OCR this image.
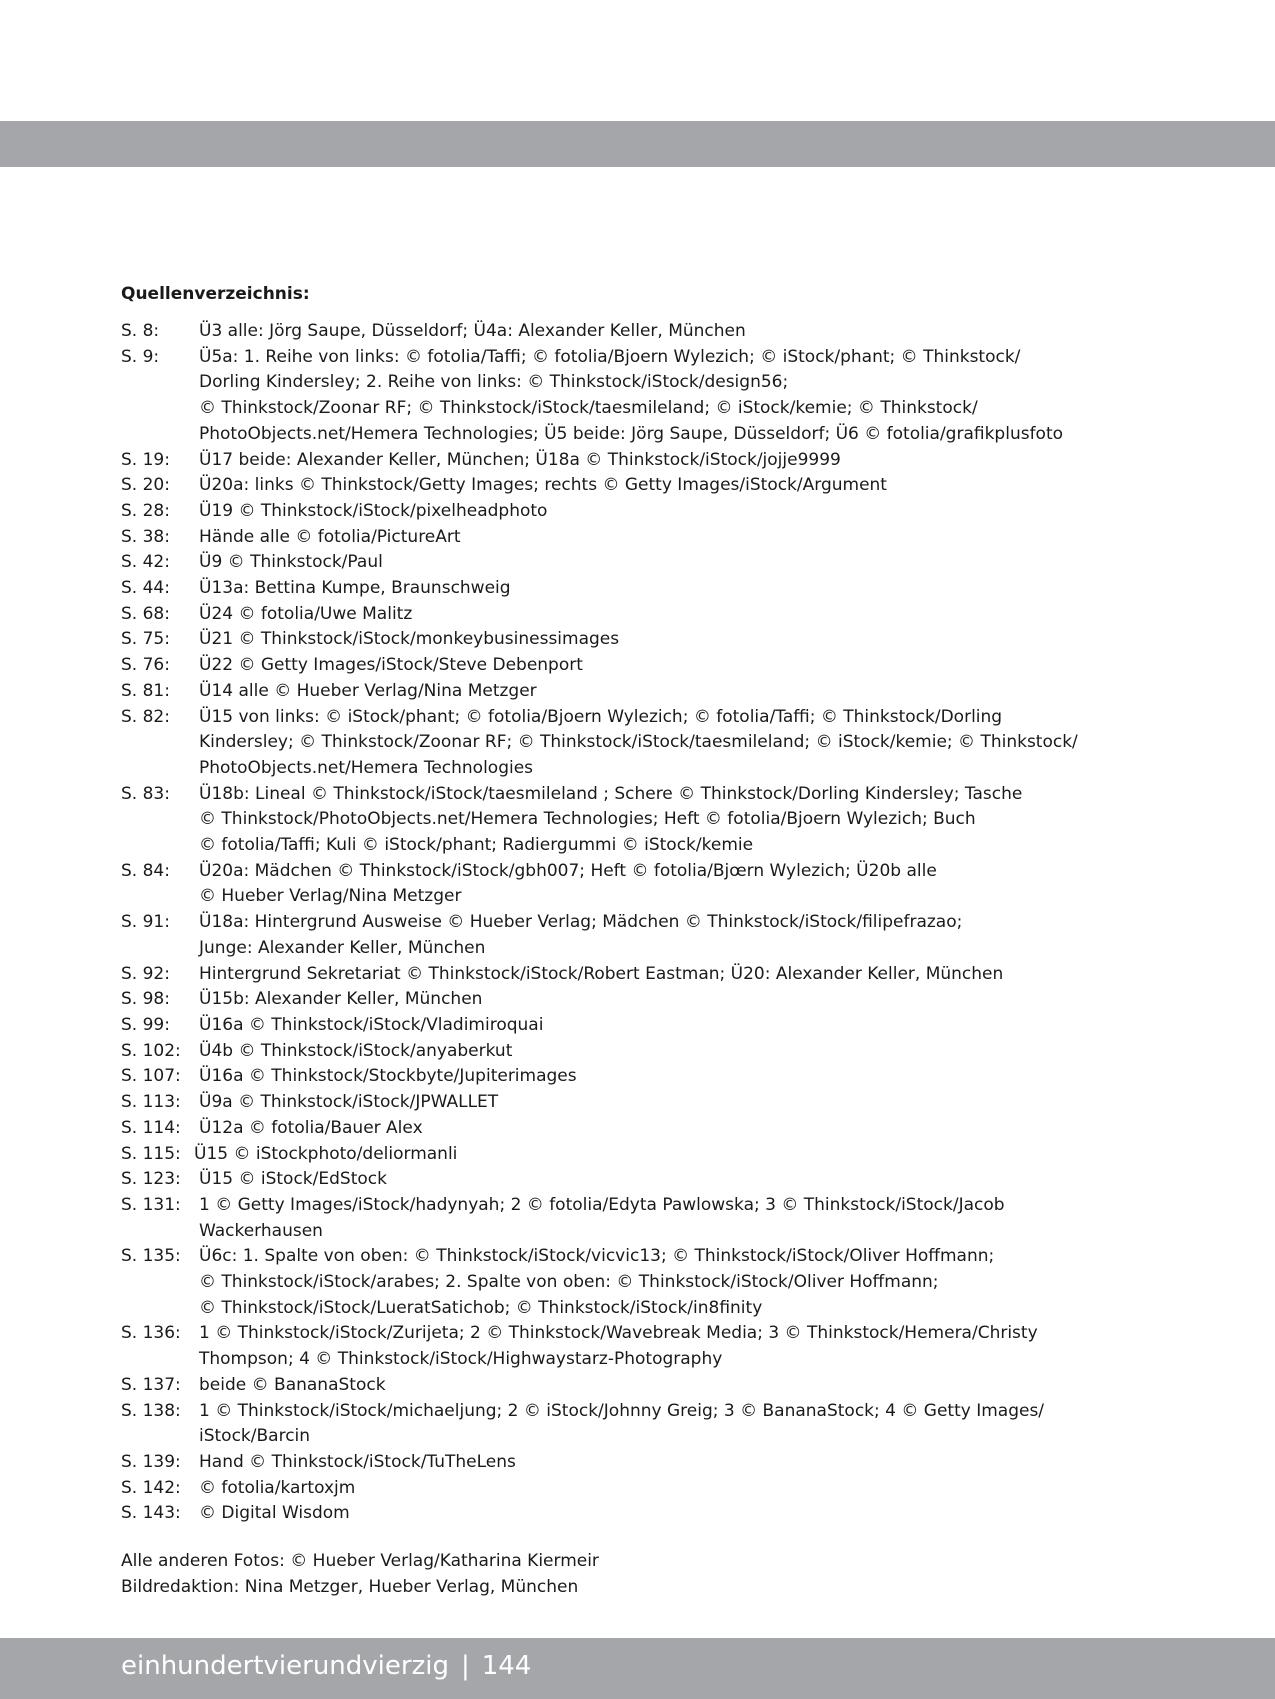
Quellenverzeichnis:
S. 8:	Ü3 alle: Jörg Saupe, Düsseldorf; Ü4a: Alexander Keller, München
S. 9:	Ü5a: 1. Reihe von links: © fotolia/Taffi; © fotolia/Bjoern Wylezich; © iStock/phant; © Thinkstock/
Dorling Kindersley; 2. Reihe von links: © Thinkstock/iStock/design56;
© Thinkstock/Zoonar RF; © Thinkstock/iStock/taesmileland; © iStock/kemie; © Thinkstock/
PhotoObjects.net/Hemera Technologies; Ü5 beide: Jörg Saupe, Düsseldorf; Ü6 © fotolia/grafikplusfoto
S. 19:	Ü17 beide: Alexander Keller, München; Ü18a © Thinkstock/iStock/jojje9999
S. 20:	Ü20a: links © Thinkstock/Getty Images; rechts © Getty Images/iStock/Argument
S. 28:	Ü19 © Thinkstock/iStock/pixelheadphoto
S. 38:	Hände alle © fotolia/PictureArt
S. 42:	Ü9 © Thinkstock/Paul
S. 44:	Ü13a: Bettina Kumpe, Braunschweig
S. 68:	Ü24 © fotolia/Uwe Malitz
S. 75:	Ü21 © Thinkstock/iStock/monkeybusinessimages
S. 76:	Ü22 © Getty Images/iStock/Steve Debenport
S. 81:	Ü14 alle © Hueber Verlag/Nina Metzger
S. 82:	Ü15 von links: © iStock/phant; © fotolia/Bjoern Wylezich; © fotolia/Taffi; © Thinkstock/Dorling
Kindersley; © Thinkstock/Zoonar RF; © Thinkstock/iStock/taesmileland; © iStock/kemie; © Thinkstock/
PhotoObjects.net/Hemera Technologies
S. 83:	Ü18b: Lineal © Thinkstock/iStock/taesmileland ; Schere © Thinkstock/Dorling Kindersley; Tasche
© Thinkstock/PhotoObjects.net/Hemera Technologies; Heft © fotolia/Bjoern Wylezich; Buch
© fotolia/Taffi; Kuli © iStock/phant; Radiergummi © iStock/kemie
S. 84:	Ü20a: Mädchen © Thinkstock/iStock/gbh007; Heft © fotolia/Bjœrn Wylezich; Ü20b alle
© Hueber Verlag/Nina Metzger
S. 91:	Ü18a: Hintergrund Ausweise © Hueber Verlag; Mädchen © Thinkstock/iStock/filipefrazao;
Junge: Alexander Keller, München
S. 92:	Hintergrund Sekretariat © Thinkstock/iStock/Robert Eastman; Ü20: Alexander Keller, München
S. 98:	Ü15b: Alexander Keller, München
S. 99:	Ü16a © Thinkstock/iStock/Vladimiroquai
S. 102:	Ü4b © Thinkstock/iStock/anyaberkut
S. 107:	Ü16a © Thinkstock/Stockbyte/Jupiterimages
S. 113:	Ü9a © Thinkstock/iStock/JPWALLET
S. 114:	Ü12a © fotolia/Bauer Alex
S. 115: Ü15 © iStockphoto/deliormanli
S. 123:	Ü15 © iStock/EdStock
S. 131:	1 © Getty Images/iStock/hadynyah; 2 © fotolia/Edyta Pawlowska; 3 © Thinkstock/iStock/Jacob
Wackerhausen
S. 135:	Ü6c: 1. Spalte von oben: © Thinkstock/iStock/vicvic13; © Thinkstock/iStock/Oliver Hoffmann;
© Thinkstock/iStock/arabes; 2. Spalte von oben: © Thinkstock/iStock/Oliver Hoffmann;
© Thinkstock/iStock/LueratSatichob; © Thinkstock/iStock/in8finity
S. 136:	1 © Thinkstock/iStock/Zurijeta; 2 © Thinkstock/Wavebreak Media; 3 © Thinkstock/Hemera/Christy
Thompson; 4 © Thinkstock/iStock/Highwaystarz-Photography
S. 137:	beide © BananaStock
S. 138:	1 © Thinkstock/iStock/michaeljung; 2 © iStock/Johnny Greig; 3 © BananaStock; 4 © Getty Images/
iStock/Barcin
S. 139:	Hand © Thinkstock/iStock/TuTheLens
S. 142:	© fotolia/kartoxjm
S. 143:	© Digital Wisdom
Alle anderen Fotos: © Hueber Verlag/Katharina Kiermeir
Bildredaktion: Nina Metzger, Hueber Verlag, München
einhundertvierundvierzig | 144
